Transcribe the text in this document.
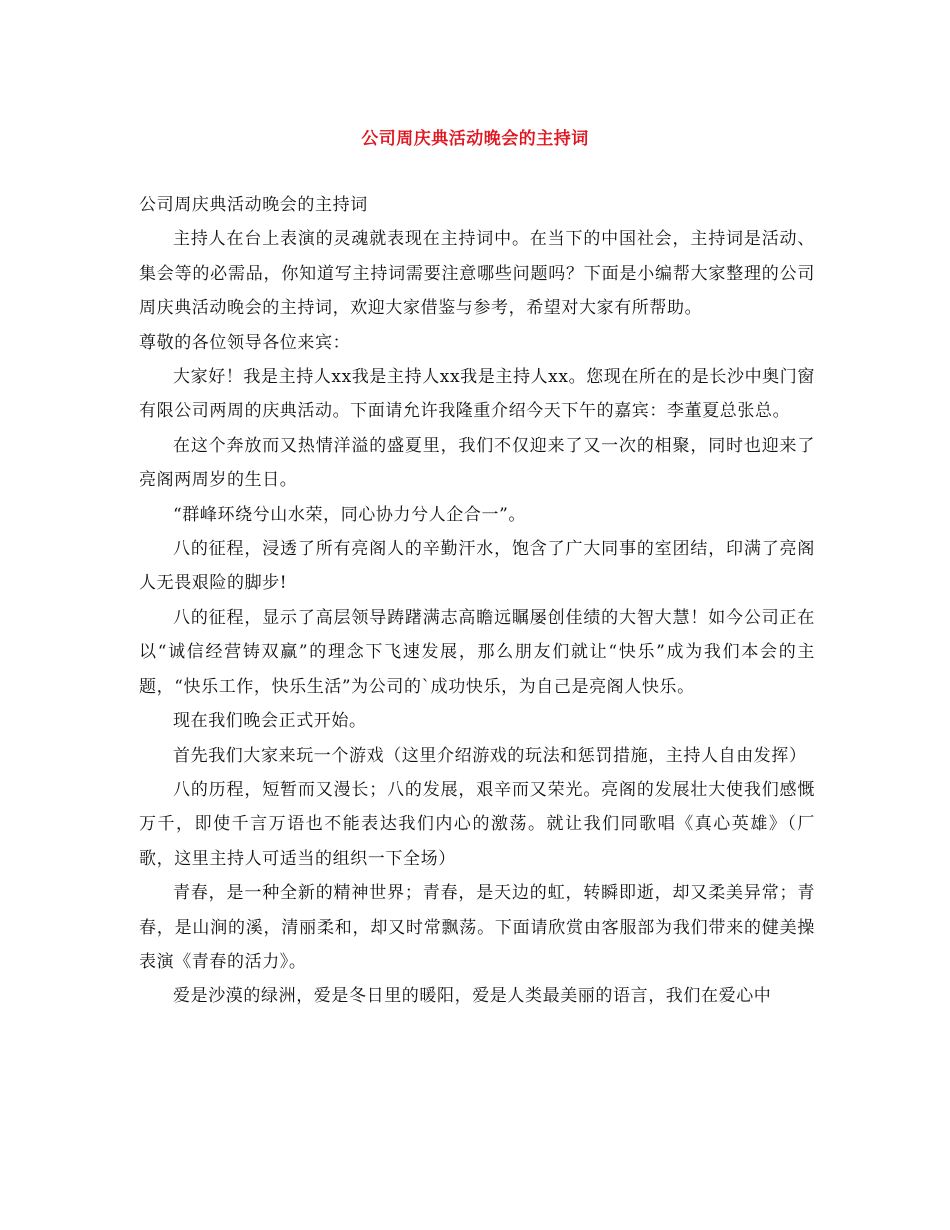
公司周庆典活动晚会的主持词

公司周庆典活动晚会的主持词

主持人在台上表演的灵魂就表现在主持词中。在当下的中国社会，主持词是活动、集会等的必需品，你知道写主持词需要注意哪些问题吗？下面是小编帮大家整理的公司周庆典活动晚会的主持词，欢迎大家借鉴与参考，希望对大家有所帮助。

尊敬的各位领导各位来宾：

大家好！我是主持人xx我是主持人xx我是主持人xx。您现在所在的是长沙中奥门窗有限公司两周的庆典活动。下面请允许我隆重介绍今天下午的嘉宾：李董夏总张总。

在这个奔放而又热情洋溢的盛夏里，我们不仅迎来了又一次的相聚，同时也迎来了亮阁两周岁的生日。

“群峰环绕兮山水荣，同心协力兮人企合一”。

八的征程，浸透了所有亮阁人的辛勤汗水，饱含了广大同事的室团结，印满了亮阁人无畏艰险的脚步!

八的征程，显示了高层领导踌躇满志高瞻远瞩屡创佳绩的大智大慧！如今公司正在以“诚信经营铸双赢”的理念下飞速发展，那么朋友们就让“快乐”成为我们本会的主题，“快乐工作，快乐生活”为公司的`成功快乐，为自己是亮阁人快乐。

现在我们晚会正式开始。

首先我们大家来玩一个游戏（这里介绍游戏的玩法和惩罚措施，主持人自由发挥）

八的历程，短暂而又漫长；八的发展，艰辛而又荣光。亮阁的发展壮大使我们感慨万千，即使千言万语也不能表达我们内心的激荡。就让我们同歌唱《真心英雄》（厂歌，这里主持人可适当的组织一下全场）

青春，是一种全新的精神世界；青春，是天边的虹，转瞬即逝，却又柔美异常；青春，是山涧的溪，清丽柔和，却又时常飘荡。下面请欣赏由客服部为我们带来的健美操表演《青春的活力》。

爱是沙漠的绿洲，爱是冬日里的暖阳，爱是人类最美丽的语言，我们在爱心中
